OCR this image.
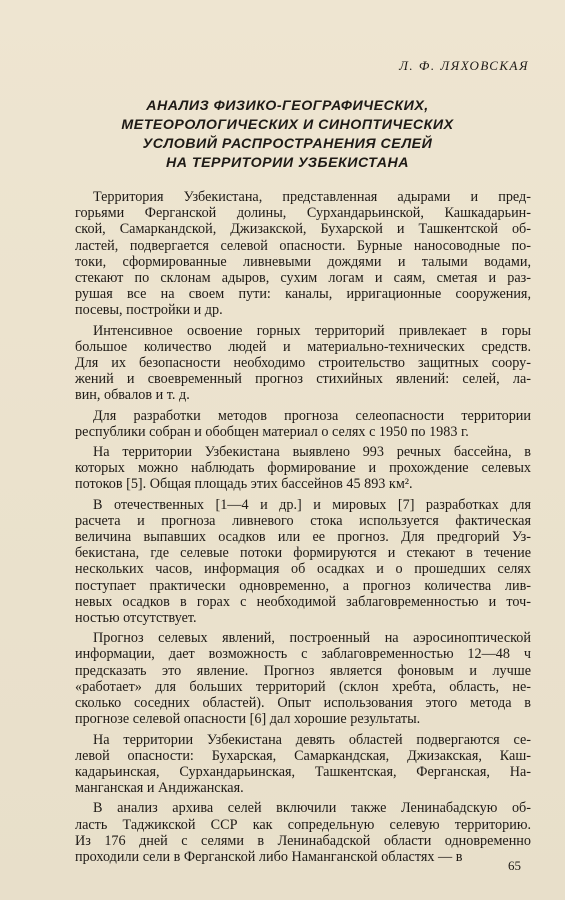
Л. Ф. ЛЯХОВСКАЯ
АНАЛИЗ ФИЗИКО-ГЕОГРАФИЧЕСКИХ,
МЕТЕОРОЛОГИЧЕСКИХ И СИНОПТИЧЕСКИХ
УСЛОВИЙ РАСПРОСТРАНЕНИЯ СЕЛЕЙ
НА ТЕРРИТОРИИ УЗБЕКИСТАНА
Территория Узбекистана, представленная адырами и пред-
горьями Ферганской долины, Сурхандарьинской, Кашкадарьин-
ской, Самаркандской, Джизакской, Бухарской и Ташкентской об-
ластей, подвергается селевой опасности. Бурные наносоводные по-
токи, сформированные ливневыми дождями и талыми водами,
стекают по склонам адыров, сухим логам и саям, сметая и раз-
рушая все на своем пути: каналы, ирригационные сооружения,
посевы, постройки и др.
Интенсивное освоение горных территорий привлекает в горы
большое количество людей и материально-технических средств.
Для их безопасности необходимо строительство защитных соору-
жений и своевременный прогноз стихийных явлений: селей, ла-
вин, обвалов и т. д.
Для разработки методов прогноза селеопасности территории
республики собран и обобщен материал о селях с 1950 по 1983 г.
На территории Узбекистана выявлено 993 речных бассейна, в
которых можно наблюдать формирование и прохождение селевых
потоков [5]. Общая площадь этих бассейнов 45 893 км².
В отечественных [1—4 и др.] и мировых [7] разработках для
расчета и прогноза ливневого стока используется фактическая
величина выпавших осадков или ее прогноз. Для предгорий Уз-
бекистана, где селевые потоки формируются и стекают в течение
нескольких часов, информация об осадках и о прошедших селях
поступает практически одновременно, а прогноз количества лив-
невых осадков в горах с необходимой заблаговременностью и точ-
ностью отсутствует.
Прогноз селевых явлений, построенный на аэросиноптической
информации, дает возможность с заблаговременностью 12—48 ч
предсказать это явление. Прогноз является фоновым и лучше
«работает» для больших территорий (склон хребта, область, не-
сколько соседних областей). Опыт использования этого метода в
прогнозе селевой опасности [6] дал хорошие результаты.
На территории Узбекистана девять областей подвергаются се-
левой опасности: Бухарская, Самаркандская, Джизакская, Каш-
кадарьинская, Сурхандарьинская, Ташкентская, Ферганская, На-
манганская и Андижанская.
В анализ архива селей включили также Ленинабадскую об-
ласть Таджикской ССР как сопредельную селевую территорию.
Из 176 дней с селями в Ленинабадской области одновременно
проходили сели в Ферганской либо Наманганской областях — в
65
